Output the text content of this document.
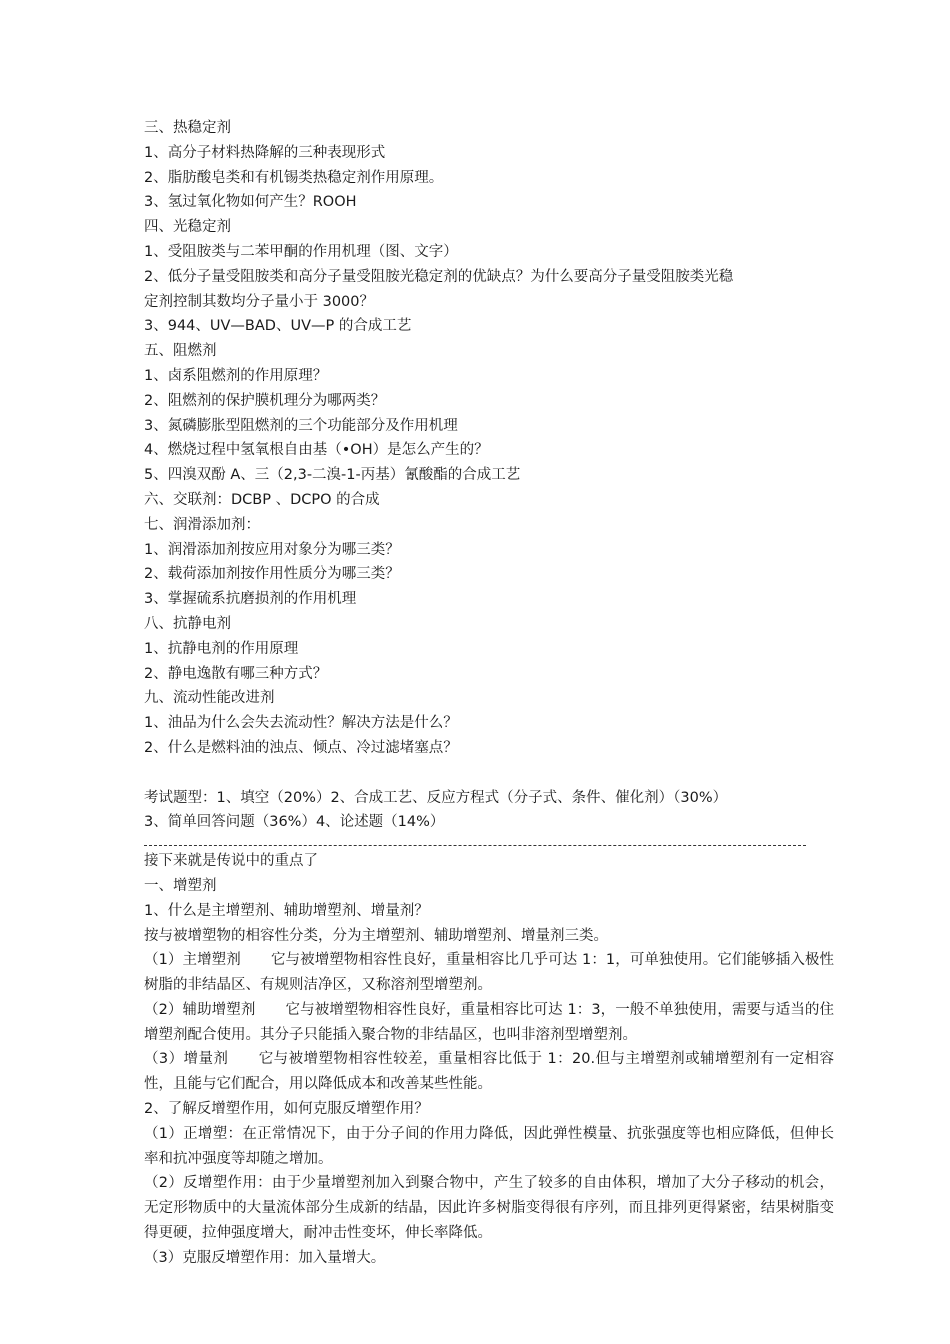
三、热稳定剂
1、高分子材料热降解的三种表现形式
2、脂肪酸皂类和有机锡类热稳定剂作用原理。
3、氢过氧化物如何产生？ROOH
四、光稳定剂
1、受阻胺类与二苯甲酮的作用机理（图、文字）
2、低分子量受阻胺类和高分子量受阻胺光稳定剂的优缺点？为什么要高分子量受阻胺类光稳
定剂控制其数均分子量小于 3000？
3、944、UV—BAD、UV—P 的合成工艺
五、阻燃剂
1、卤系阻燃剂的作用原理？
2、阻燃剂的保护膜机理分为哪两类？
3、氮磷膨胀型阻燃剂的三个功能部分及作用机理
4、燃烧过程中氢氧根自由基（•OH）是怎么产生的？
5、四溴双酚 A、三（2,3-二溴-1-丙基）氰酸酯的合成工艺
六、交联剂：DCBP 、DCPO 的合成
七、润滑添加剂：
1、润滑添加剂按应用对象分为哪三类？
2、载荷添加剂按作用性质分为哪三类？
3、掌握硫系抗磨损剂的作用机理
八、抗静电剂
1、抗静电剂的作用原理
2、静电逸散有哪三种方式？
九、流动性能改进剂
1、油品为什么会失去流动性？解决方法是什么？
2、什么是燃料油的浊点、倾点、冷过滤堵塞点？
考试题型：1、填空（20%）2、合成工艺、反应方程式（分子式、条件、催化剂）（30%）
3、简单回答问题（36%）4、论述题（14%）
接下来就是传说中的重点了
一、增塑剂
1、什么是主增塑剂、辅助增塑剂、增量剂？
按与被增塑物的相容性分类，分为主增塑剂、辅助增塑剂、增量剂三类。
（1）主增塑剂 它与被增塑物相容性良好，重量相容比几乎可达 1：1，可单独使用。它们能够插入极性树脂的非结晶区、有规则洁净区，又称溶剂型增塑剂。
（2）辅助增塑剂 它与被增塑物相容性良好，重量相容比可达 1：3，一般不单独使用，需要与适当的住增塑剂配合使用。其分子只能插入聚合物的非结晶区，也叫非溶剂型增塑剂。
（3）增量剂 它与被增塑物相容性较差，重量相容比低于 1：20.但与主增塑剂或辅增塑剂有一定相容性，且能与它们配合，用以降低成本和改善某些性能。
2、了解反增塑作用，如何克服反增塑作用？
（1）正增塑：在正常情况下，由于分子间的作用力降低，因此弹性模量、抗张强度等也相应降低，但伸长率和抗冲强度等却随之增加。
（2）反增塑作用：由于少量增塑剂加入到聚合物中，产生了较多的自由体积，增加了大分子移动的机会，无定形物质中的大量流体部分生成新的结晶，因此许多树脂变得很有序列，而且排列更得紧密，结果树脂变得更硬，拉伸强度增大，耐冲击性变坏，伸长率降低。
（3）克服反增塑作用：加入量增大。
